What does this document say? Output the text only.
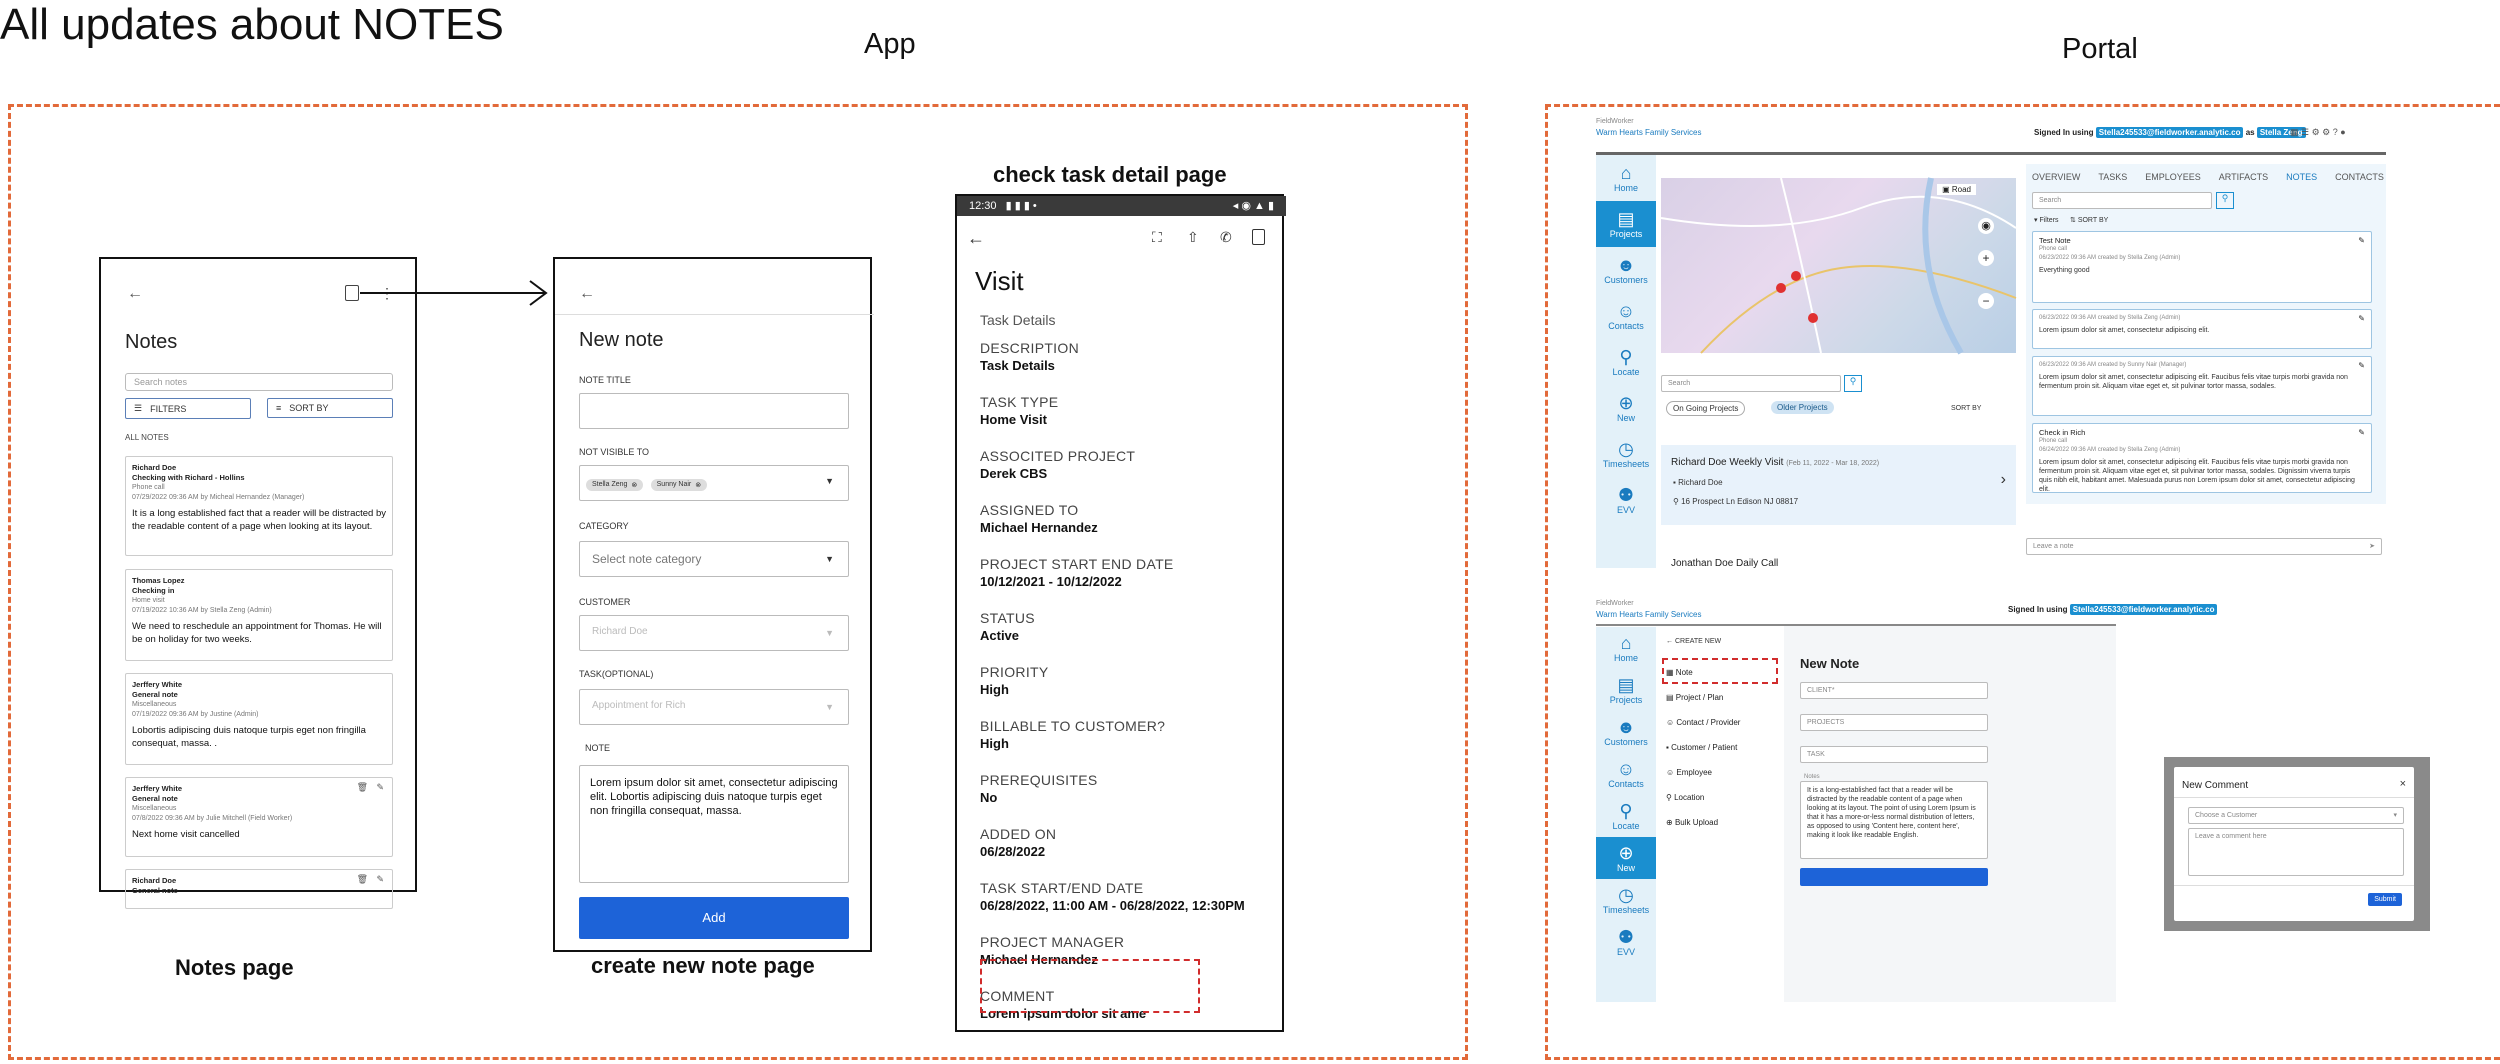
All updates about NOTES	App	Portal
←	⋮
Notes
Search notes
☰ FILTERS	≡ SORT BY
ALL NOTES
Richard Doe
Checking with Richard - Hollins
Phone call
07/29/2022 09:36 AM by Micheal Hernandez (Manager)
It is a long established fact that a reader will be distracted by the readable content of a page when looking at its layout.
Thomas Lopez
Checking in
Home visit
07/19/2022 10:36 AM by Stella Zeng (Admin)
We need to reschedule an appointment for Thomas. He will be on holiday for two weeks.
Jerffery White
General note
Miscellaneous
07/19/2022 09:36 AM by Justine (Admin)
Lobortis adipiscing duis natoque turpis eget non fringilla consequat, massa. .
🗑 ✎
Jerffery White
General note
Miscellaneous
07/8/2022 09:36 AM by Julie Mitchell (Field Worker)
Next home visit cancelled
🗑 ✎
Richard Doe
General note
Notes page
←
New note
NOTE TITLE
NOT VISIBLE TO
Stella Zeng ⊗
	Sunny Nair ⊗	▼
CATEGORY
Select note category	▼
CUSTOMER
Richard Doe	▼
TASK(OPTIONAL)
Appointment for Rich	▼
NOTE
Lorem ipsum dolor sit amet, consectetur adipiscing elit. Lobortis adipiscing duis natoque turpis eget non fringilla consequat, massa.
Add
create new note page
check task detail page
12:30 ▮ ▮ ▮ •	◂ ◉ ▲ ▮
←	⛶ ⇧ ✆
Visit
Task Details
DESCRIPTION
Task Details
TASK TYPE
Home Visit
ASSOCITED PROJECT
Derek CBS
ASSIGNED TO
Michael Hernandez
PROJECT START END DATE
10/12/2021 - 10/12/2022
STATUS
Active
PRIORITY
High
BILLABLE TO CUSTOMER?
High
PREREQUISITES
No
ADDED ON
06/28/2022
TASK START/END DATE
06/28/2022, 11:00 AM - 06/28/2022, 12:30PM
PROJECT MANAGER
Michael Hernandez
COMMENT
Lorem ipsum dolor sit ame
FieldWorker
Warm Hearts Family Services	Signed In using Stella245533@fieldworker.analytic.co as Stella Zeng
▦ ☰ ⚙ ⚙ ? ●
⌂
Home
▤
Projects
☻
Customers
☺
Contacts
⚲
Locate
⊕
New
◷
Timesheets
⚉
EVV
▣ Road
◉
+
−
Search	⚲
On Going Projects	Older Projects	SORT BY
Richard Doe Weekly Visit (Feb 11, 2022 - Mar 18, 2022)
▪ Richard Doe
⚲ 16 Prospect Ln Edison NJ 08817
›
Jonathan Doe Daily Call
OVERVIEW TASKS EMPLOYEES ARTIFACTS NOTES CONTACTS
Search	⚲
▾ Filters ⇅ SORT BY
Test Note
Phone call
06/23/2022 09:36 AM created by Stella Zeng (Admin)
Everything good
✎
06/23/2022 09:36 AM created by Stella Zeng (Admin)
Lorem ipsum dolor sit amet, consectetur adipiscing elit.
✎
06/23/2022 09:36 AM created by Sunny Nair (Manager)
Lorem ipsum dolor sit amet, consectetur adipiscing elit. Faucibus felis vitae turpis morbi gravida non fermentum proin sit. Aliquam vitae eget et, sit pulvinar tortor massa, sodales.
✎
Check in Rich
Phone call
06/24/2022 09:36 AM created by Stella Zeng (Admin)
Lorem ipsum dolor sit amet, consectetur adipiscing elit. Faucibus felis vitae turpis morbi gravida non fermentum proin sit. Aliquam vitae eget et, sit pulvinar tortor massa, sodales. Dignissim viverra turpis quis nibh elit, habitant amet. Malesuada purus non Lorem ipsum dolor sit amet, consectetur adipiscing elit.
✎
Leave a note	➤
FieldWorker
Warm Hearts Family Services
Signed In using Stella245533@fieldworker.analytic.co
⌂
Home
▤
Projects
☻
Customers
☺
Contacts
⚲
Locate
⊕
New
◷
Timesheets
⚉
EVV
← CREATE NEW
▦ Note
▤ Project / Plan
☺ Contact / Provider
▪ Customer / Patient
☺ Employee
⚲ Location
⊕ Bulk Upload
New Note
CLIENT*
PROJECTS
TASK
Notes
It is a long-established fact that a reader will be distracted by the readable content of a page when looking at its layout. The point of using Lorem Ipsum is that it has a more-or-less normal distribution of letters, as opposed to using 'Content here, content here', making it look like readable English.
New Comment	×
Choose a Customer	▾
Leave a comment here
Submit
